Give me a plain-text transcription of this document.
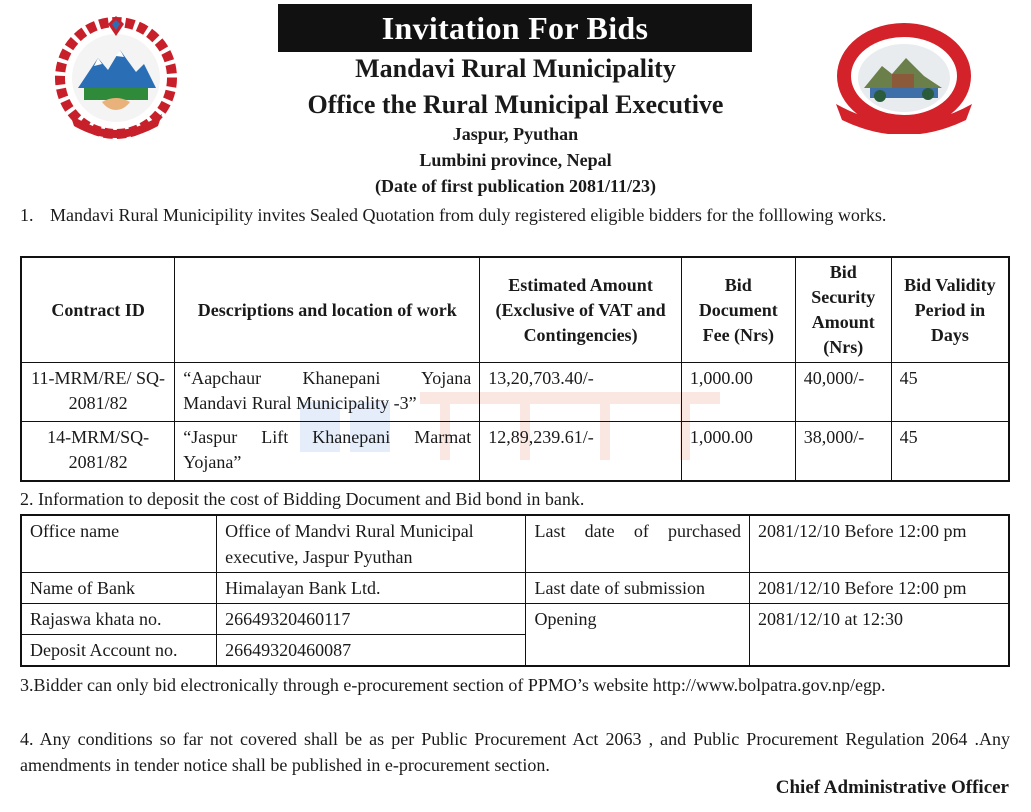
Invitation For Bids
Mandavi Rural Municipality
Office the Rural Municipal Executive
Jaspur, Pyuthan
Lumbini province, Nepal
(Date of first publication 2081/11/23)
1. Mandavi Rural Municipility invites Sealed Quotation from duly registered eligible bidders for the folllowing works.
Contract ID	Descriptions and location of work	Estimated Amount (Exclusive of VAT and Contingencies)	Bid Document Fee (Nrs)	Bid Security Amount (Nrs)	Bid Validity Period in Days
11-MRM/RE/ SQ-2081/82	“Aapchaur Khanepani Yojana
Mandavi Rural Municipality -3”	13,20,703.40/-	1,000.00	40,000/-	45
14-MRM/SQ- 2081/82	“Jaspur Lift Khanepani Marmat
Yojana”	12,89,239.61/-	1,000.00	38,000/-	45
2. Information to deposit the cost of Bidding Document and Bid bond in bank.
Office name	Office of Mandvi Rural Municipal executive, Jaspur Pyuthan	Last date of purchased	2081/12/10 Before 12:00 pm
Name of Bank	Himalayan Bank Ltd.	Last date of submission	2081/12/10 Before 12:00 pm
Rajaswa khata no.	26649320460117	Opening	2081/12/10 at 12:30
Deposit Account no.	26649320460087		
3.Bidder can only bid electronically through e-procurement section of PPMO’s website http://www.bolpatra.gov.np/egp.
4. Any conditions so far not covered shall be as per Public Procurement Act 2063 , and Public Procurement Regulation 2064 .Any amendments in tender notice shall be published in e-procurement section.
Chief Administrative Officer
